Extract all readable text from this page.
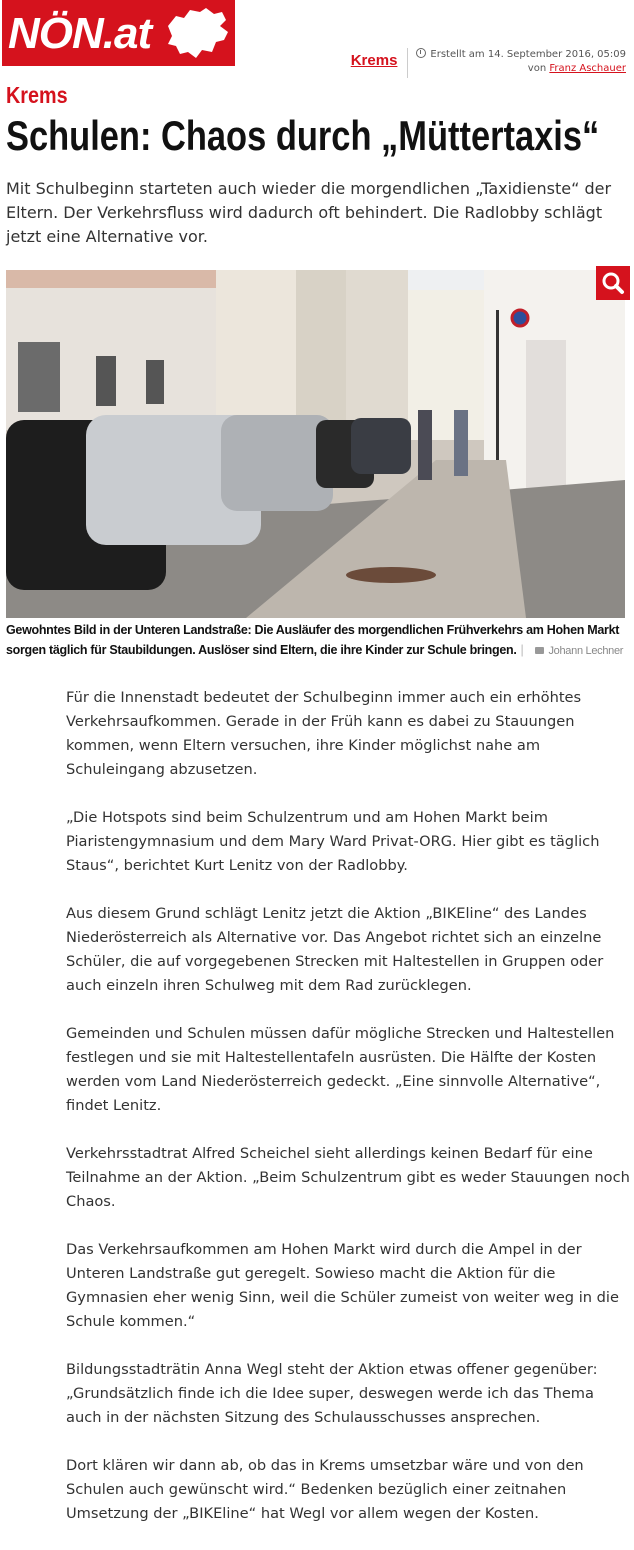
NÖN.at
Krems	Erstellt am 14. September 2016, 05:09
von Franz Aschauer
Krems
Schulen: Chaos durch „Müttertaxis“

Mit Schulbeginn starteten auch wieder die morgendlichen „Taxidienste“ der Eltern. Der Verkehrsfluss wird dadurch oft behindert. Die Radlobby schlägt jetzt eine Alternative vor.

Gewohntes Bild in der Unteren Landstraße: Die Ausläufer des morgendlichen Frühverkehrs am Hohen Markt sorgen täglich für Staubildungen. Auslöser sind Eltern, die ihre Kinder zur Schule bringen. | Johann Lechner

Für die Innenstadt bedeutet der Schulbeginn immer auch ein erhöhtes Verkehrsaufkommen. Gerade in der Früh kann es dabei zu Stauungen kommen, wenn Eltern versuchen, ihre Kinder möglichst nahe am Schuleingang abzusetzen.

„Die Hotspots sind beim Schulzentrum und am Hohen Markt beim Piaristengymnasium und dem Mary Ward Privat-ORG. Hier gibt es täglich Staus“, berichtet Kurt Lenitz von der Radlobby.

Aus diesem Grund schlägt Lenitz jetzt die Aktion „BIKEline“ des Landes Niederösterreich als Alternative vor. Das Angebot richtet sich an einzelne Schüler, die auf vorgegebenen Strecken mit Haltestellen in Gruppen oder auch einzeln ihren Schulweg mit dem Rad zurücklegen.

Gemeinden und Schulen müssen dafür mögliche Strecken und Haltestellen festlegen und sie mit Haltestellentafeln ausrüsten. Die Hälfte der Kosten werden vom Land Niederösterreich gedeckt. „Eine sinnvolle Alternative“, findet Lenitz.

Verkehrsstadtrat Alfred Scheichel sieht allerdings keinen Bedarf für eine Teilnahme an der Aktion. „Beim Schulzentrum gibt es weder Stauungen noch Chaos.

Das Verkehrsaufkommen am Hohen Markt wird durch die Ampel in der Unteren Landstraße gut geregelt. Sowieso macht die Aktion für die Gymnasien eher wenig Sinn, weil die Schüler zumeist von weiter weg in die Schule kommen.“

Bildungsstadträtin Anna Wegl steht der Aktion etwas offener gegenüber: „Grundsätzlich finde ich die Idee super, deswegen werde ich das Thema auch in der nächsten Sitzung des Schulausschusses ansprechen.

Dort klären wir dann ab, ob das in Krems umsetzbar wäre und von den Schulen auch gewünscht wird.“ Bedenken bezüglich einer zeitnahen Umsetzung der „BIKEline“ hat Wegl vor allem wegen der Kosten.
